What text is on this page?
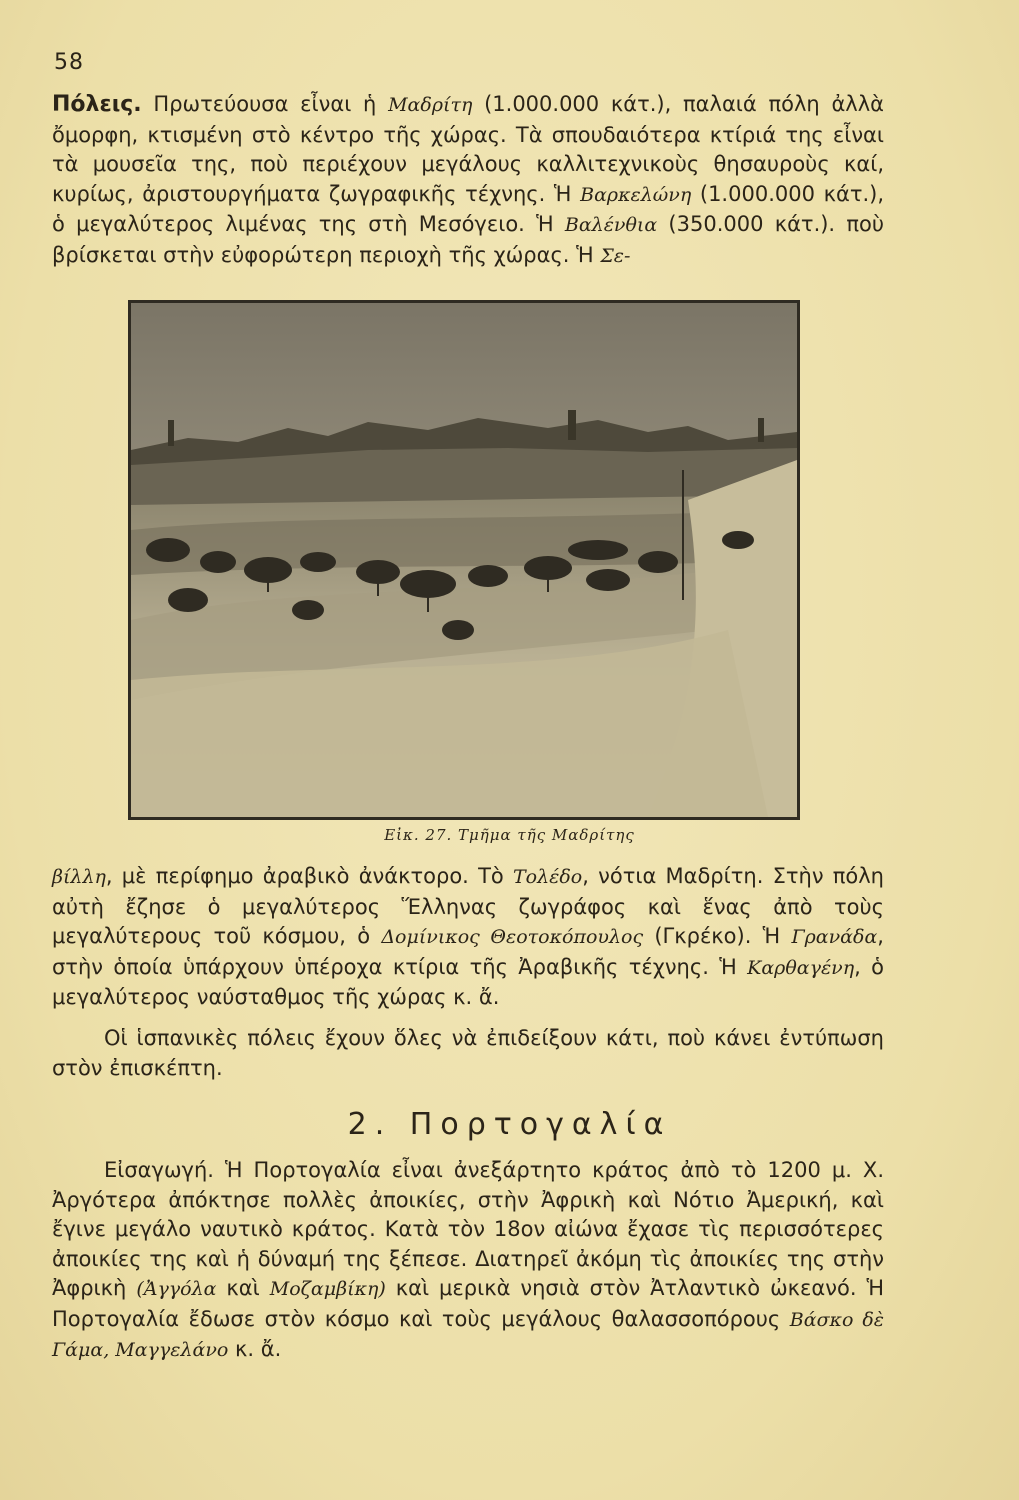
58

Πόλεις. Πρωτεύουσα εἶναι ἡ Μαδρίτη (1.000.000 κάτ.), παλαιά πόλη ἀλλὰ ὄμορφη, κτισμένη στὸ κέντρο τῆς χώρας. Τὰ σπουδαιότερα κτίριά της εἶναι τὰ μουσεῖα της, ποὺ περιέχουν μεγάλους καλλιτεχνικοὺς θησαυροὺς καί, κυρίως, ἀριστουργήματα ζωγραφικῆς τέχνης. Ἡ Βαρκελώνη (1.000.000 κάτ.), ὁ μεγαλύτερος λιμένας της στὴ Μεσόγειο. Ἡ Βαλένθια (350.000 κάτ.). ποὺ βρίσκεται στὴν εὐφορώτερη περιοχὴ τῆς χώρας. Ἡ Σε-

Εἰκ. 27. Τμῆμα τῆς Μαδρίτης

βίλλη, μὲ περίφημο ἀραβικὸ ἀνάκτορο. Τὸ Τολέδο, νότια Μαδρίτη. Στὴν πόλη αὐτὴ ἔζησε ὁ μεγαλύτερος Ἕλληνας ζωγράφος καὶ ἕνας ἀπὸ τοὺς μεγαλύτερους τοῦ κόσμου, ὁ Δομίνικος Θεοτοκόπουλος (Γκρέκο). Ἡ Γρανάδα, στὴν ὁποία ὑπάρχουν ὑπέροχα κτίρια τῆς Ἀραβικῆς τέχνης. Ἡ Καρθαγένη, ὁ μεγαλύτερος ναύσταθμος τῆς χώρας κ. ἄ.

Οἱ ἱσπανικὲς πόλεις ἔχουν ὅλες νὰ ἐπιδείξουν κάτι, ποὺ κάνει ἐντύπωση στὸν ἐπισκέπτη.

2. Πορτογαλία

Εἰσαγωγή. Ἡ Πορτογαλία εἶναι ἀνεξάρτητο κράτος ἀπὸ τὸ 1200 μ. Χ. Ἀργότερα ἀπόκτησε πολλὲς ἀποικίες, στὴν Ἀφρικὴ καὶ Νότιο Ἀμερική, καὶ ἔγινε μεγάλο ναυτικὸ κράτος. Κατὰ τὸν 18ον αἰώνα ἔχασε τὶς περισσότερες ἀποικίες της καὶ ἡ δύναμή της ξέπεσε. Διατηρεῖ ἀκόμη τὶς ἀποικίες της στὴν Ἀφρικὴ (Ἀγγόλα καὶ Μοζαμβίκη) καὶ μερικὰ νησιὰ στὸν Ἀτλαντικὸ ὠκεανό. Ἡ Πορτογαλία ἔδωσε στὸν κόσμο καὶ τοὺς μεγάλους θαλασσοπόρους Βάσκο δὲ Γάμα, Μαγγελάνο κ. ἄ.
